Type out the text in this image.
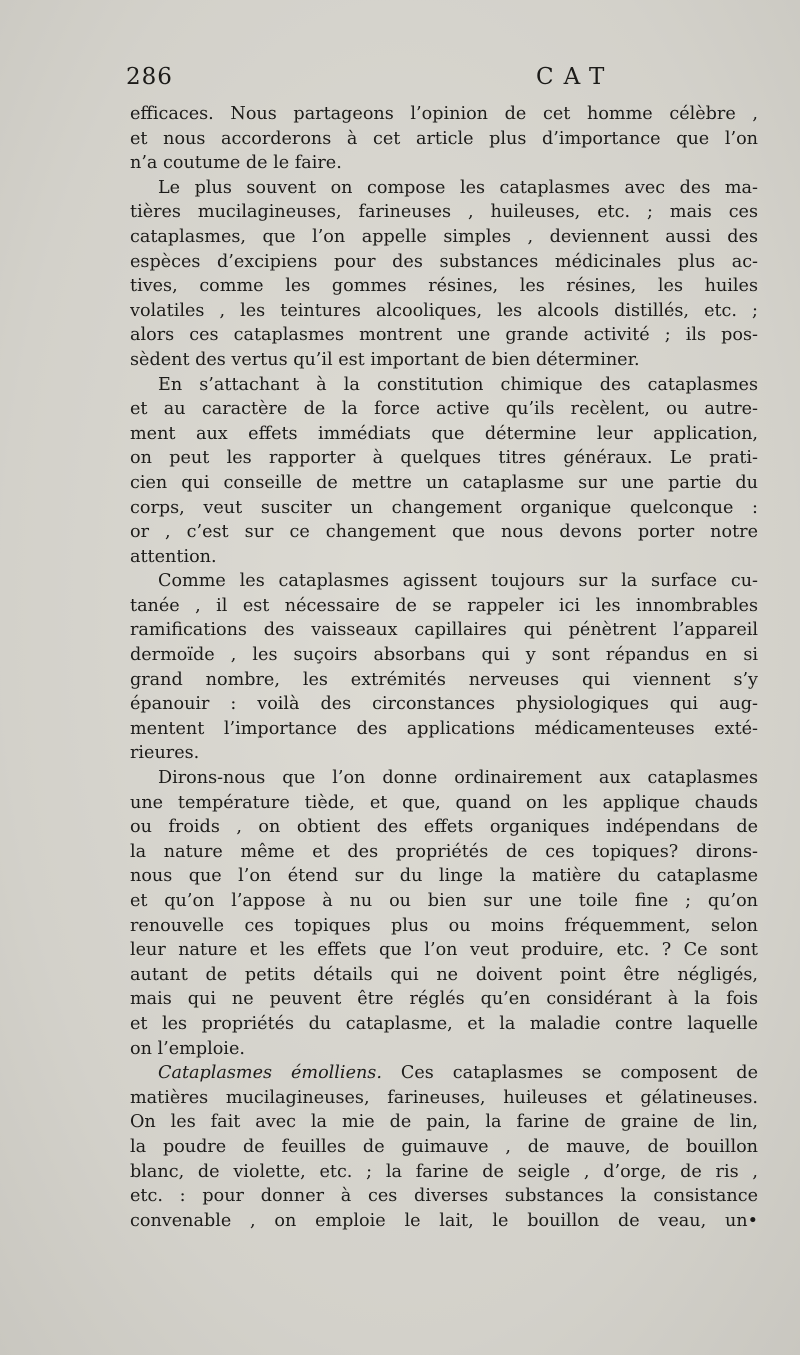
286	CAT
efficaces. Nous partageons l’opinion de cet homme célèbre ,
et nous accorderons à cet article plus d’importance que l’on
n’a coutume de le faire.
Le plus souvent on compose les cataplasmes avec des ma-
tières mucilagineuses, farineuses , huileuses, etc. ; mais ces
cataplasmes, que l’on appelle simples , deviennent aussi des
espèces d’excipiens pour des substances médicinales plus ac-
tives, comme les gommes résines, les résines, les huiles
volatiles , les teintures alcooliques, les alcools distillés, etc. ;
alors ces cataplasmes montrent une grande activité ; ils pos-
sèdent des vertus qu’il est important de bien déterminer.
En s’attachant à la constitution chimique des cataplasmes
et au caractère de la force active qu’ils recèlent, ou autre-
ment aux effets immédiats que détermine leur application,
on peut les rapporter à quelques titres généraux. Le prati-
cien qui conseille de mettre un cataplasme sur une partie du
corps, veut susciter un changement organique quelconque :
or , c’est sur ce changement que nous devons porter notre
attention.
Comme les cataplasmes agissent toujours sur la surface cu-
tanée , il est nécessaire de se rappeler ici les innombrables
ramifications des vaisseaux capillaires qui pénètrent l’appareil
dermoïde , les suçoirs absorbans qui y sont répandus en si
grand nombre, les extrémités nerveuses qui viennent s’y
épanouir : voilà des circonstances physiologiques qui aug-
mentent l’importance des applications médicamenteuses exté-
rieures.
Dirons-nous que l’on donne ordinairement aux cataplasmes
une température tiède, et que, quand on les applique chauds
ou froids , on obtient des effets organiques indépendans de
la nature même et des propriétés de ces topiques? dirons-
nous que l’on étend sur du linge la matière du cataplasme
et qu’on l’appose à nu ou bien sur une toile fine ; qu’on
renouvelle ces topiques plus ou moins fréquemment, selon
leur nature et les effets que l’on veut produire, etc. ? Ce sont
autant de petits détails qui ne doivent point être négligés,
mais qui ne peuvent être réglés qu’en considérant à la fois
et les propriétés du cataplasme, et la maladie contre laquelle
on l’emploie.
Cataplasmes émolliens. Ces cataplasmes se composent de
matières mucilagineuses, farineuses, huileuses et gélatineuses.
On les fait avec la mie de pain, la farine de graine de lin,
la poudre de feuilles de guimauve , de mauve, de bouillon
blanc, de violette, etc. ; la farine de seigle , d’orge, de ris ,
etc. : pour donner à ces diverses substances la consistance
convenable , on emploie le lait, le bouillon de veau, un•
